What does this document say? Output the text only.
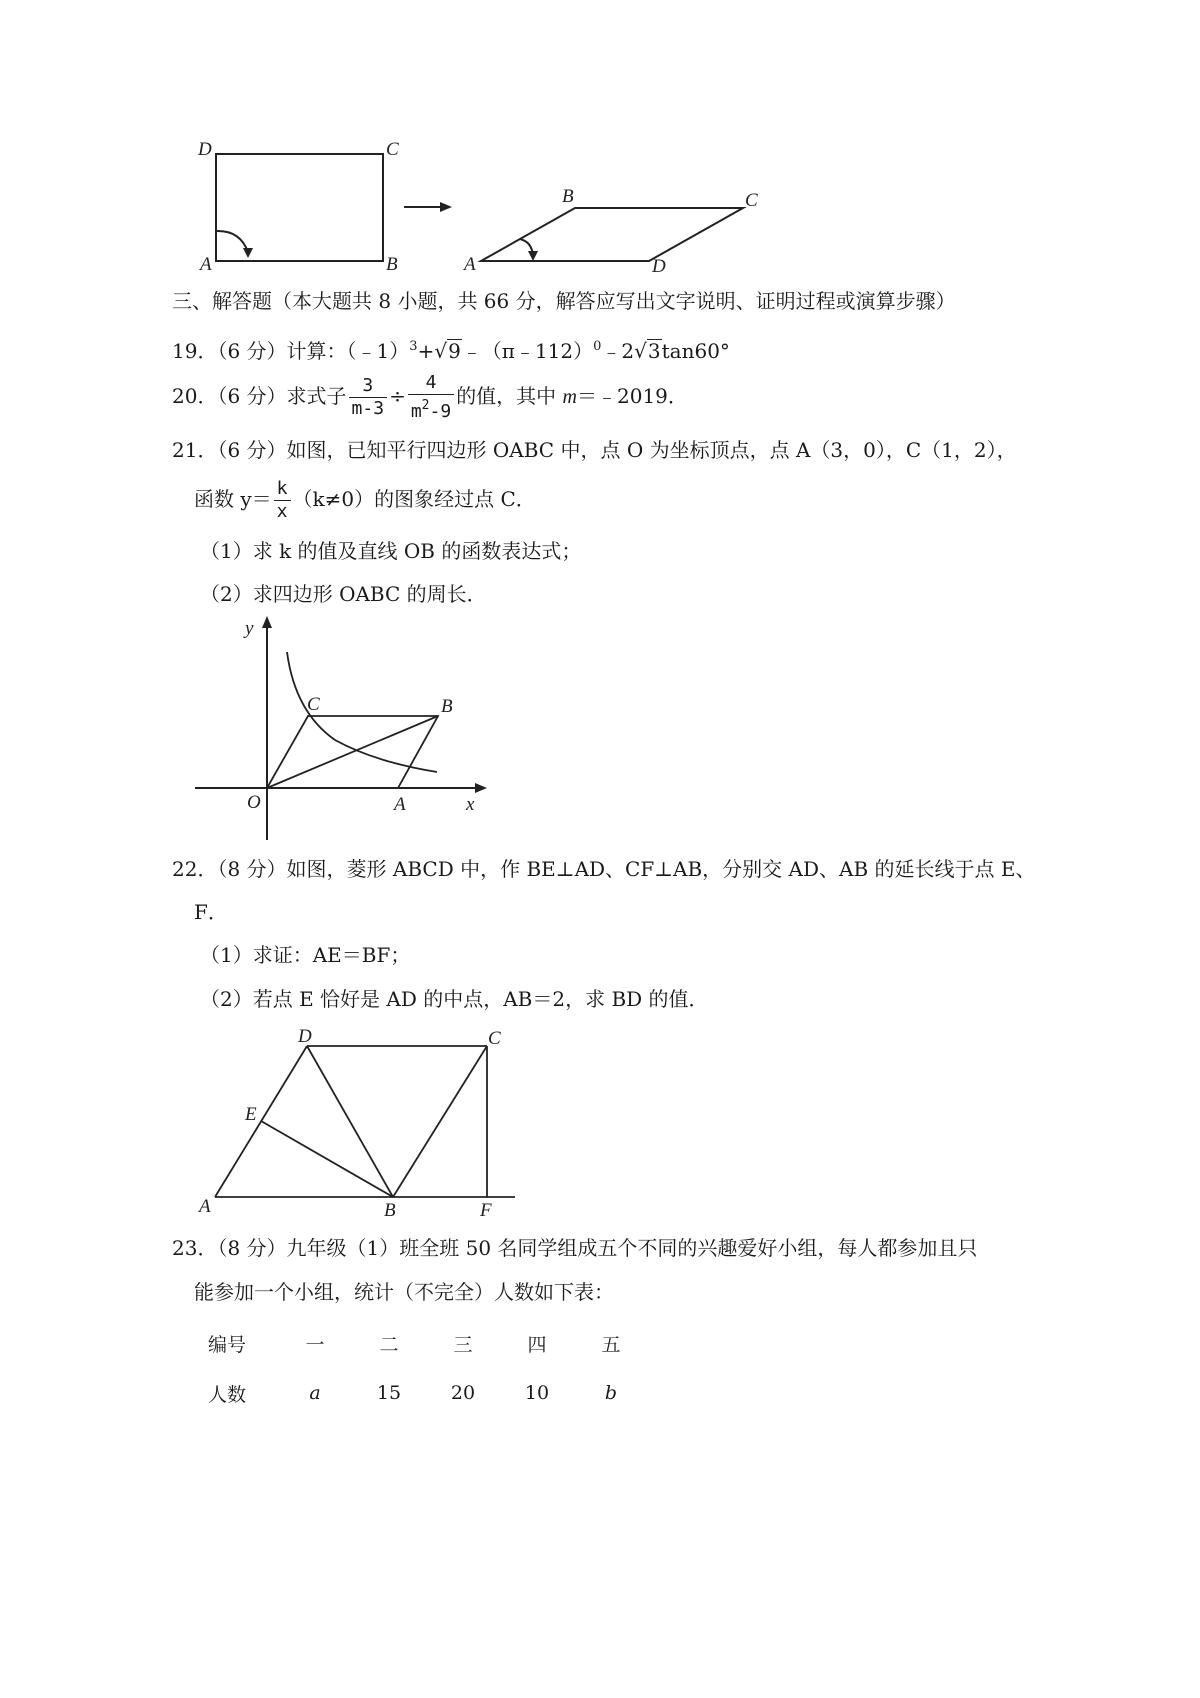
D	C
A	B
B	C
A	D
三、解答题（本大题共 8 小题，共 66 分，解答应写出文字说明、证明过程或演算步骤）
19．（6 分）计算：（﹣1）$^3$+√9﹣（π﹣112）$^0$﹣2√3tan60°
20．（6 分）求式子 $\frac{3}{m-3} \div \frac{4}{m^2-9}$ 的值，其中 m＝﹣2019．
21．（6 分）如图，已知平行四边形 OABC 中，点 O 为坐标顶点，点 A（3，0），C（1，2），
函数 $y= \frac{k}{x} (k\ne 0)$的图象经过点 C．
（1）求 k 的值及直线 OB 的函数表达式；
（2）求四边形 OABC 的周长．
y
C	B
O	A	x
22．（8 分）如图，菱形 ABCD 中，作 BE⊥AD、CF⊥AB，分别交 AD、AB 的延长线于点 E、
F．
（1）求证：AE＝BF；
（2）若点 E 恰好是 AD 的中点，AB＝2，求 BD 的值．
D	C
E
A	B	F
23．（8 分）九年级（1）班全班 50 名同学组成五个不同的兴趣爱好小组，每人都参加且只
能参加一个小组，统计（不完全）人数如下表：
编号	一	二	三	四	五
人数	a	15	20	10	b
